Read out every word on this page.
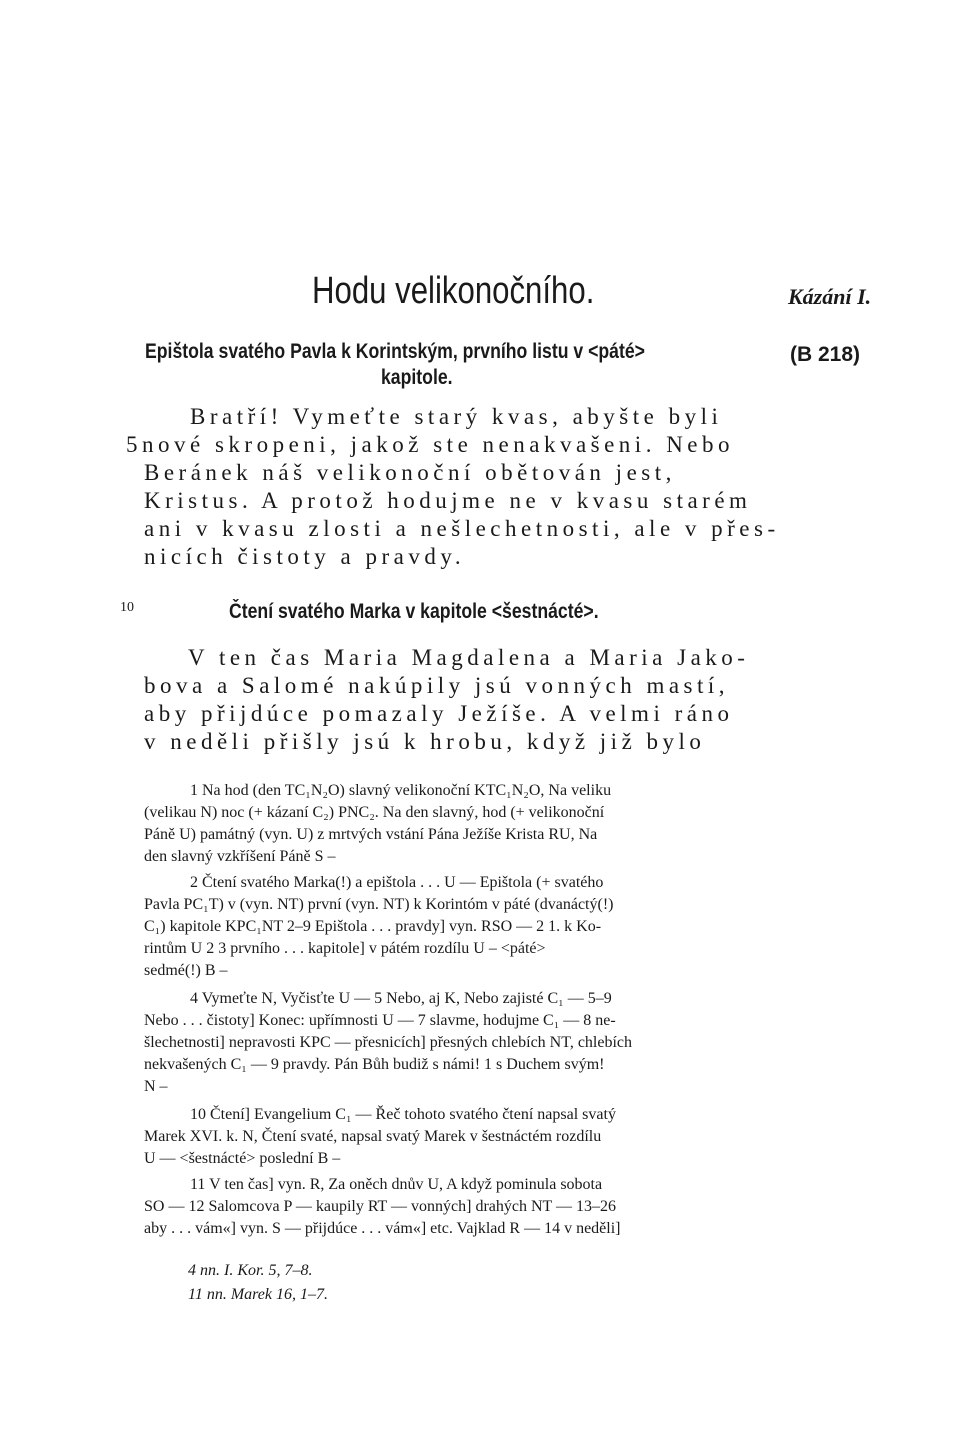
Hodu velikonočního.	Kázání I.
Epištola svatého Pavla k Korintským, prvního listu v <páté>	(B 218)
kapitole.
Bratří! Vymeťte starý kvas, abyšte byli
5nové skropeni, jakož ste nenakvašeni. Nebo
Beránek náš velikonoční obětován jest,
Kristus. A protož hodujme ne v kvasu starém
ani v kvasu zlosti a nešlechetnosti, ale v přes-
nicích čistoty a pravdy.
10	Čtení svatého Marka v kapitole <šestnácté>.
V ten čas Maria Magdalena a Maria Jako-
bova a Salomé nakúpily jsú vonných mastí,
aby přijdúce pomazaly Ježíše. A velmi ráno
v neděli přišly jsú k hrobu, když již bylo
1 Na hod (den TC₁N₂O) slavný velikonoční KTC₁N₂O, Na veliku
(velikau N) noc (+ kázaní C₂) PNC₂. Na den slavný, hod (+ velikonoční
Páně U) památný (vyn. U) z mrtvých vstání Pána Ježíše Krista RU, Na
den slavný vzkříšení Páně S –
2 Čtení svatého Marka(!) a epištola . . . U — Epištola (+ svatého
Pavla PC₁T) v (vyn. NT) první (vyn. NT) k Korintóm v páté (dvanáctý(!)
C₁) kapitole KPC₁NT 2–9 Epištola . . . pravdy] vyn. RSO — 2 1. k Ko-
rintům U 2 3 prvního . . . kapitole] v pátém rozdílu U – <páté>
sedmé(!) B –
4 Vymeťte N, Vyčisťte U — 5 Nebo, aj K, Nebo zajisté C₁ — 5–9
Nebo . . . čistoty] Konec: upřímnosti U — 7 slavme, hodujme C₁ — 8 ne-
šlechetnosti] nepravosti KPC — přesnicích] přesných chlebích NT, chlebích
nekvašených C₁ — 9 pravdy. Pán Bůh budiž s námi! 1 s Duchem svým!
N –
10 Čtení] Evangelium C₁ — Řeč tohoto svatého čtení napsal svatý
Marek XVI. k. N, Čtení svaté, napsal svatý Marek v šestnáctém rozdílu
U — <šestnácté> poslední B –
11 V ten čas] vyn. R, Za oněch dnův U, A když pominula sobota
SO — 12 Salomcova P — kaupily RT — vonných] drahých NT — 13–26
aby . . . vám«] vyn. S — přijdúce . . . vám«] etc. Vajklad R — 14 v neděli]
4 nn. I. Kor. 5, 7–8.
11 nn. Marek 16, 1–7.
